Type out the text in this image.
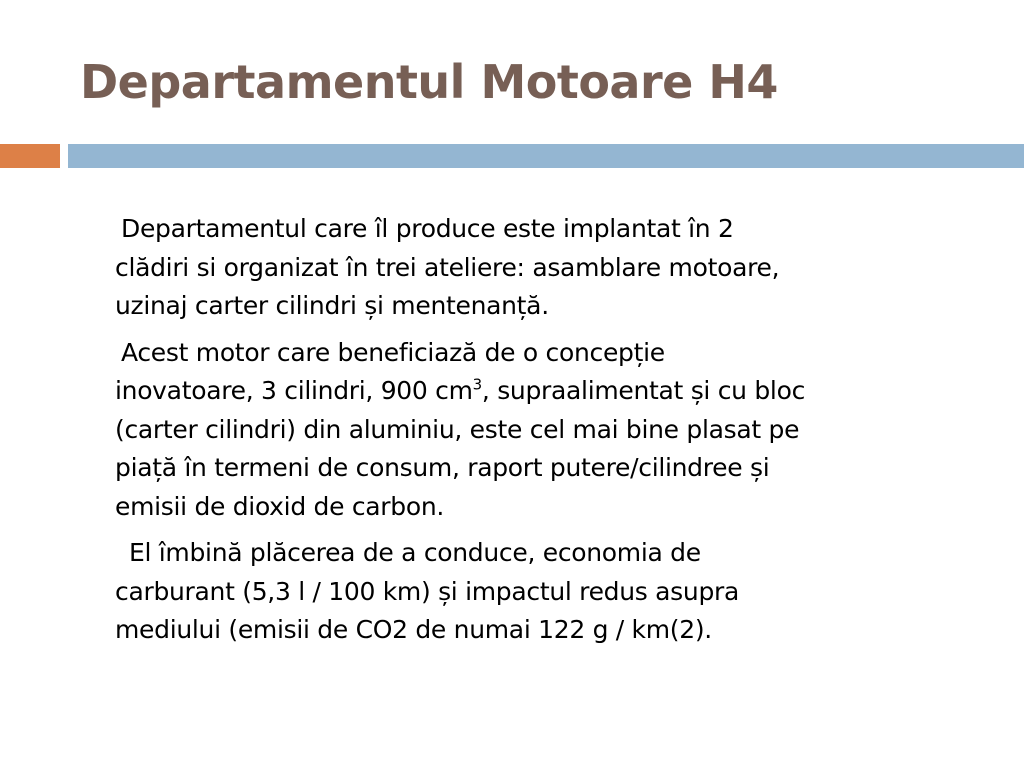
Departamentul Motoare H4

Departamentul care îl produce este implantat în 2
clădiri si organizat în trei ateliere: asamblare motoare,
uzinaj carter cilindri și mentenanță.

Acest motor care beneficiază de o concepție
inovatoare, 3 cilindri, 900 $cm^3$, supraalimentat și cu bloc
(carter cilindri) din aluminiu, este cel mai bine plasat pe
piață în termeni de consum, raport putere/cilindree și
emisii de dioxid de carbon.

El îmbină plăcerea de a conduce, economia de
carburant (5,3 l / 100 km) și impactul redus asupra
mediului (emisii de CO2 de numai 122 g / km(2).
